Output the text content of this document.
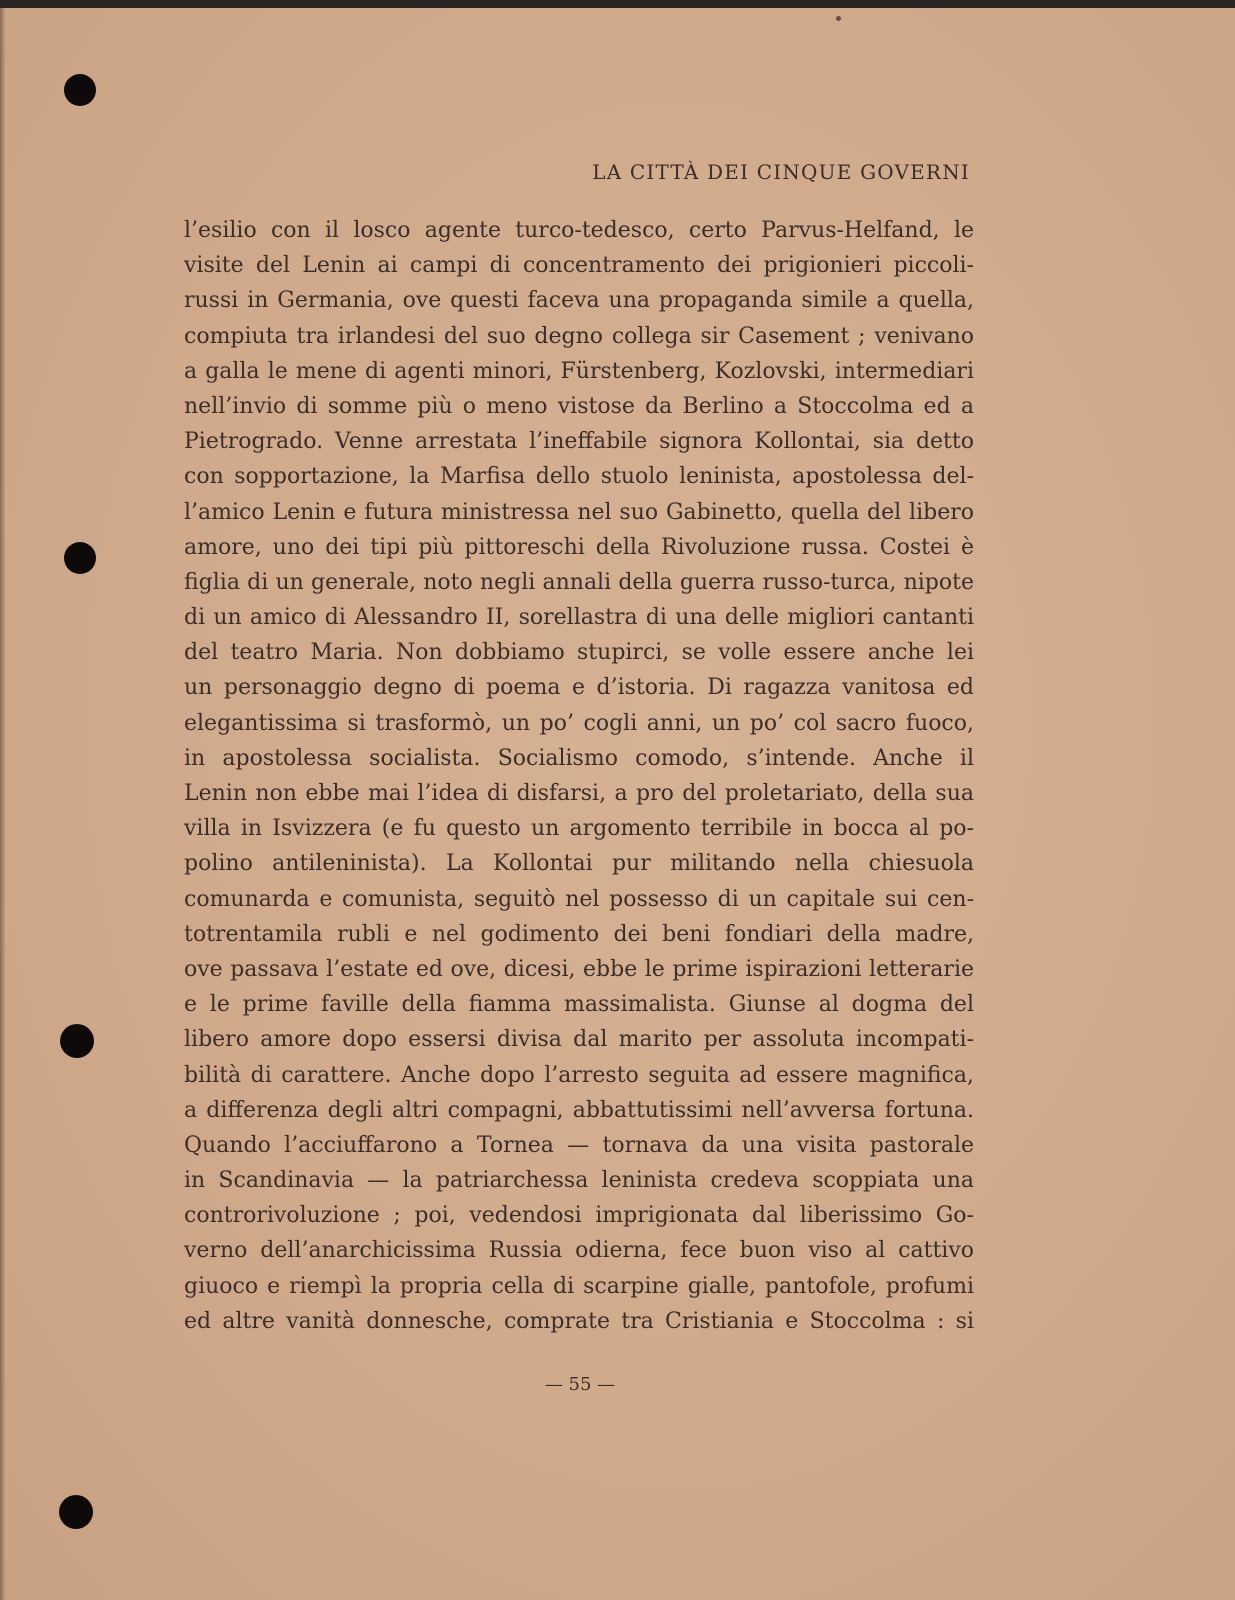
LA CITTÀ DEI CINQUE GOVERNI
l’esilio con il losco agente turco-tedesco, certo Parvus-Helfand, le
visite del Lenin ai campi di concentramento dei prigionieri piccoli-
russi in Germania, ove questi faceva una propaganda simile a quella,
compiuta tra irlandesi del suo degno collega sir Casement ; venivano
a galla le mene di agenti minori, Fürstenberg, Kozlovski, intermediari
nell’invio di somme più o meno vistose da Berlino a Stoccolma ed a
Pietrogrado. Venne arrestata l’ineffabile signora Kollontai, sia detto
con sopportazione, la Marfisa dello stuolo leninista, apostolessa del-
l’amico Lenin e futura ministressa nel suo Gabinetto, quella del libero
amore, uno dei tipi più pittoreschi della Rivoluzione russa. Costei è
figlia di un generale, noto negli annali della guerra russo-turca, nipote
di un amico di Alessandro II, sorellastra di una delle migliori cantanti
del teatro Maria. Non dobbiamo stupirci, se volle essere anche lei
un personaggio degno di poema e d’istoria. Di ragazza vanitosa ed
elegantissima si trasformò, un po’ cogli anni, un po’ col sacro fuoco,
in apostolessa socialista. Socialismo comodo, s’intende. Anche il
Lenin non ebbe mai l’idea di disfarsi, a pro del proletariato, della sua
villa in Isvizzera (e fu questo un argomento terribile in bocca al po-
polino antileninista). La Kollontai pur militando nella chiesuola
comunarda e comunista, seguitò nel possesso di un capitale sui cen-
totrentamila rubli e nel godimento dei beni fondiari della madre,
ove passava l’estate ed ove, dicesi, ebbe le prime ispirazioni letterarie
e le prime faville della fiamma massimalista. Giunse al dogma del
libero amore dopo essersi divisa dal marito per assoluta incompati-
bilità di carattere. Anche dopo l’arresto seguita ad essere magnifica,
a differenza degli altri compagni, abbattutissimi nell’avversa fortuna.
Quando l’acciuffarono a Tornea — tornava da una visita pastorale
in Scandinavia — la patriarchessa leninista credeva scoppiata una
controrivoluzione ; poi, vedendosi imprigionata dal liberissimo Go-
verno dell’anarchicissima Russia odierna, fece buon viso al cattivo
giuoco e riempì la propria cella di scarpine gialle, pantofole, profumi
ed altre vanità donnesche, comprate tra Cristiania e Stoccolma : si
— 55 —
